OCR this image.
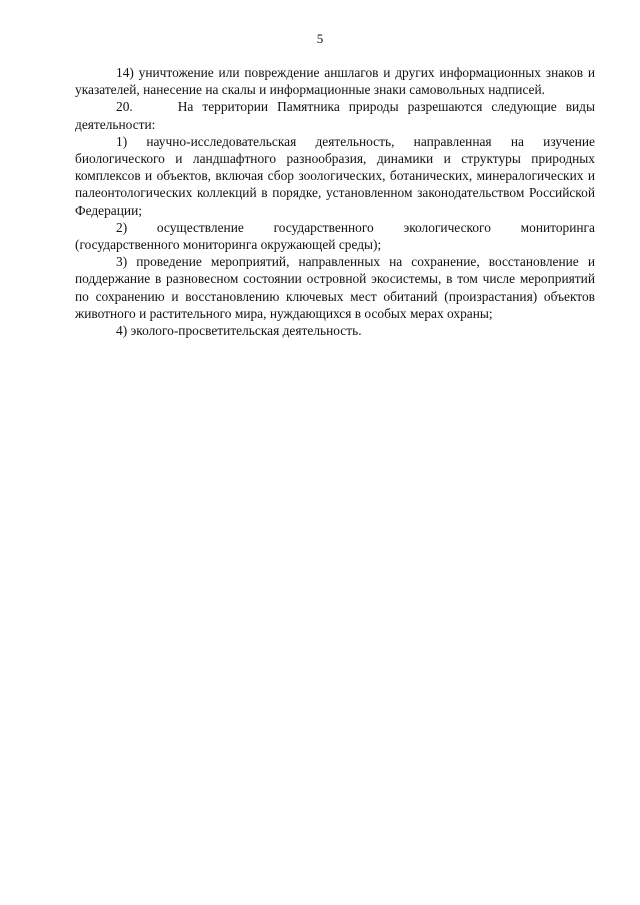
5

14) уничтожение или повреждение аншлагов и других информационных знаков и указателей, нанесение на скалы и информационные знаки самовольных надписей.

20.     На территории Памятника природы разрешаются следующие виды деятельности:

1) научно-исследовательская деятельность, направленная на изучение биологического и ландшафтного разнообразия, динамики и структуры природных комплексов и объектов, включая сбор зоологических, ботанических, минералогических и палеонтологических коллекций в порядке, установленном законодательством Российской Федерации;

2) осуществление государственного экологического мониторинга (государственного мониторинга окружающей среды);

3) проведение мероприятий, направленных на сохранение, восстановление и поддержание в разновесном состоянии островной экосистемы, в том числе мероприятий по сохранению и восстановлению ключевых мест обитаний (произрастания) объектов животного и растительного мира, нуждающихся в особых мерах охраны;

4) эколого-просветительская деятельность.
